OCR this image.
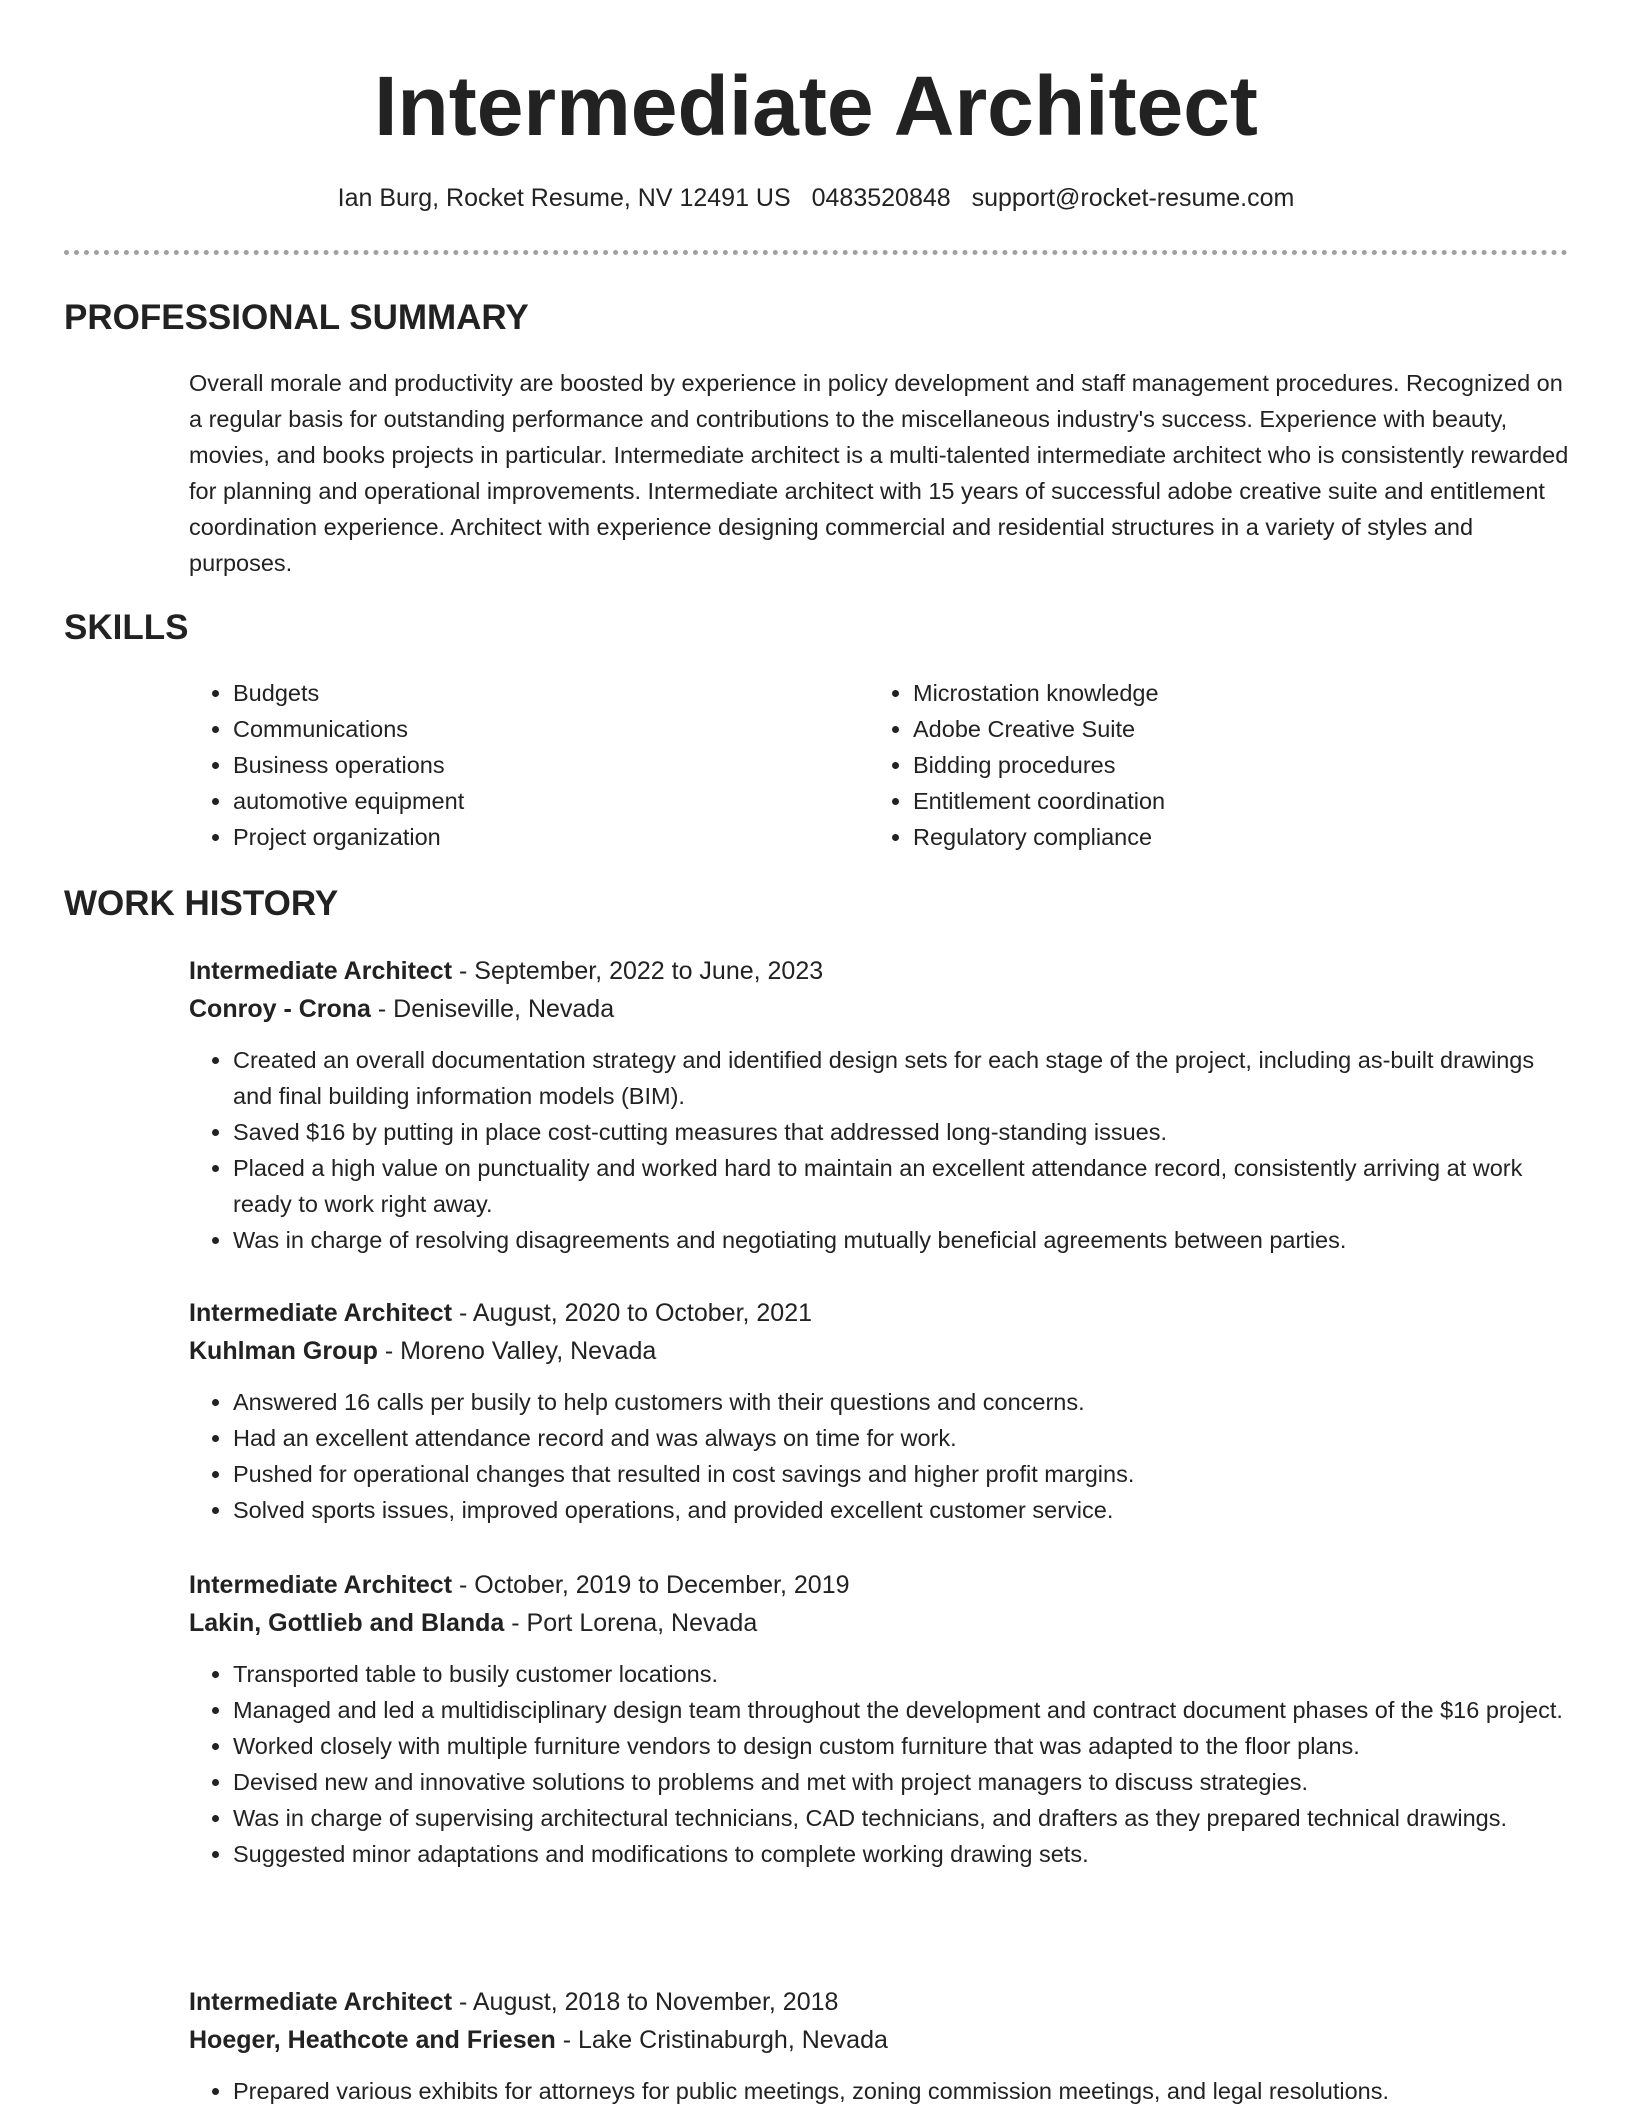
Intermediate Architect
Ian Burg, Rocket Resume, NV 12491 US 0483520848 support@rocket-resume.com
PROFESSIONAL SUMMARY

Overall morale and productivity are boosted by experience in policy development and staff management procedures. Recognized on a regular basis for outstanding performance and contributions to the miscellaneous industry's success. Experience with beauty, movies, and books projects in particular. Intermediate architect is a multi-talented intermediate architect who is consistently rewarded for planning and operational improvements. Intermediate architect with 15 years of successful adobe creative suite and entitlement coordination experience. Architect with experience designing commercial and residential structures in a variety of styles and purposes.

SKILLS
• Budgets
• Communications
• Business operations
• automotive equipment
• Project organization
• Microstation knowledge
• Adobe Creative Suite
• Bidding procedures
• Entitlement coordination
• Regulatory compliance
WORK HISTORY
Intermediate Architect - September, 2022 to June, 2023
Conroy - Crona - Deniseville, Nevada
• Created an overall documentation strategy and identified design sets for each stage of the project, including as-built drawings and final building information models (BIM).
• Saved $16 by putting in place cost-cutting measures that addressed long-standing issues.
• Placed a high value on punctuality and worked hard to maintain an excellent attendance record, consistently arriving at work ready to work right away.
• Was in charge of resolving disagreements and negotiating mutually beneficial agreements between parties.
Intermediate Architect - August, 2020 to October, 2021
Kuhlman Group - Moreno Valley, Nevada
• Answered 16 calls per busily to help customers with their questions and concerns.
• Had an excellent attendance record and was always on time for work.
• Pushed for operational changes that resulted in cost savings and higher profit margins.
• Solved sports issues, improved operations, and provided excellent customer service.
Intermediate Architect - October, 2019 to December, 2019
Lakin, Gottlieb and Blanda - Port Lorena, Nevada
• Transported table to busily customer locations.
• Managed and led a multidisciplinary design team throughout the development and contract document phases of the $16 project.
• Worked closely with multiple furniture vendors to design custom furniture that was adapted to the floor plans.
• Devised new and innovative solutions to problems and met with project managers to discuss strategies.
• Was in charge of supervising architectural technicians, CAD technicians, and drafters as they prepared technical drawings.
• Suggested minor adaptations and modifications to complete working drawing sets.
Intermediate Architect - August, 2018 to November, 2018
Hoeger, Heathcote and Friesen - Lake Cristinaburgh, Nevada
• Prepared various exhibits for attorneys for public meetings, zoning commission meetings, and legal resolutions.
